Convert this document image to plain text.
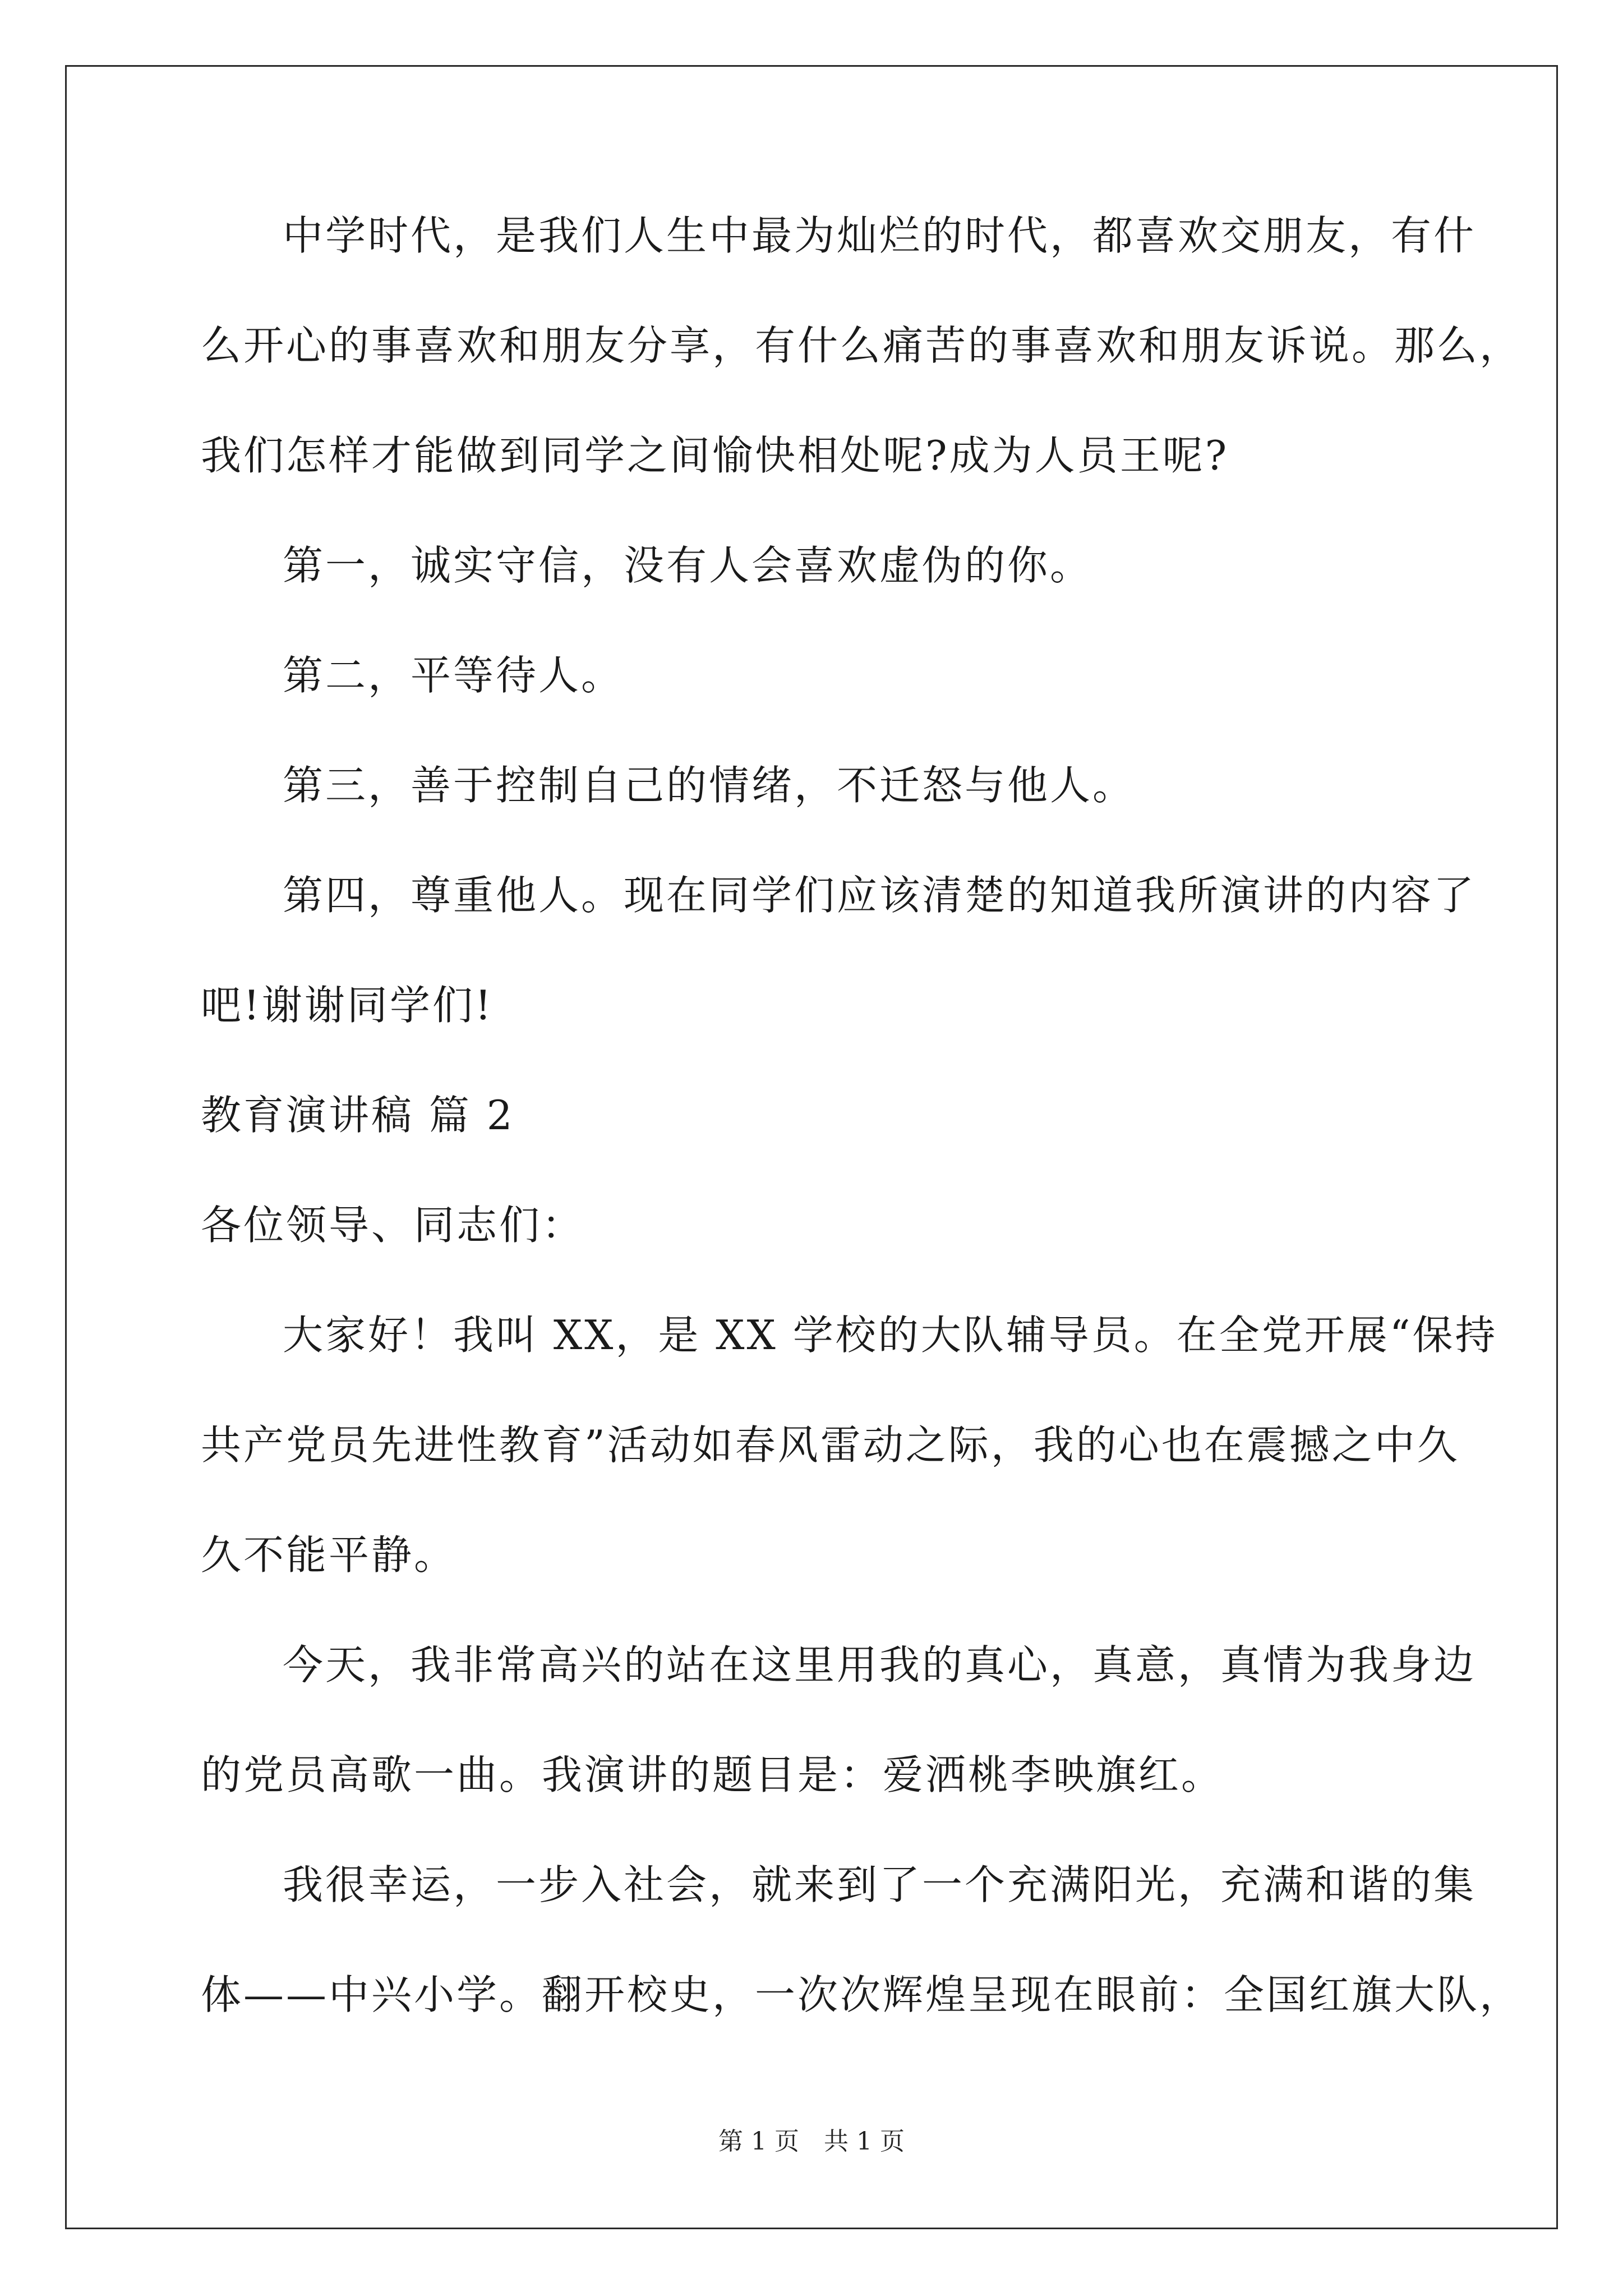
中学时代，是我们人生中最为灿烂的时代，都喜欢交朋友，有什
么开心的事喜欢和朋友分享，有什么痛苦的事喜欢和朋友诉说。那么，
我们怎样才能做到同学之间愉快相处呢?成为人员王呢?
第一，诚实守信，没有人会喜欢虚伪的你。
第二，平等待人。
第三，善于控制自己的情绪，不迁怒与他人。
第四，尊重他人。现在同学们应该清楚的知道我所演讲的内容了
吧!谢谢同学们!
教育演讲稿 篇 2
各位领导、同志们：
大家好！我叫 XX，是 XX 学校的大队辅导员。在全党开展“保持
共产党员先进性教育”活动如春风雷动之际，我的心也在震撼之中久
久不能平静。
今天，我非常高兴的站在这里用我的真心，真意，真情为我身边
的党员高歌一曲。我演讲的题目是：爱洒桃李映旗红。
我很幸运，一步入社会，就来到了一个充满阳光，充满和谐的集
体——中兴小学。翻开校史，一次次辉煌呈现在眼前：全国红旗大队，
第 1 页　共 1 页
